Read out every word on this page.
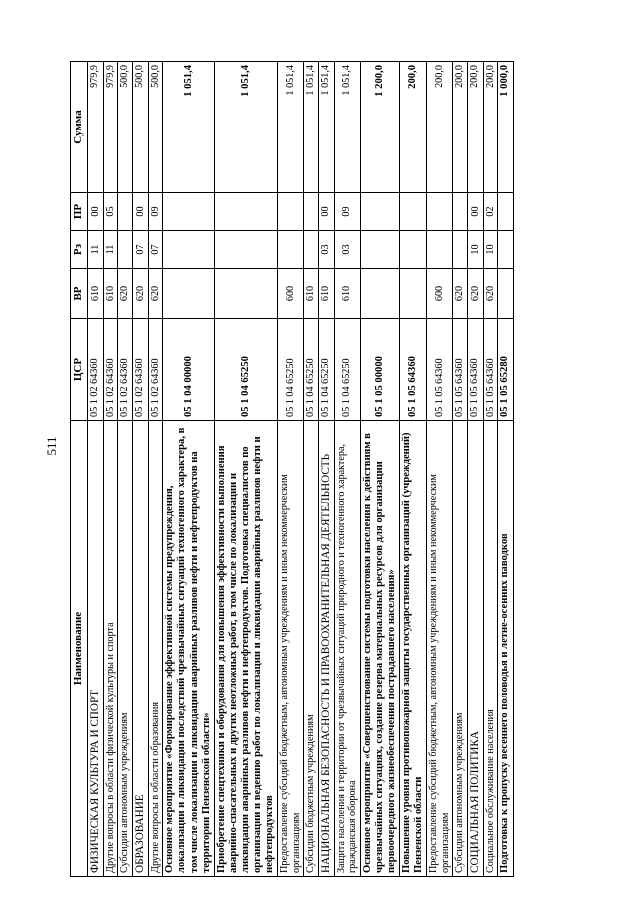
511
Наименование	ЦСР	ВР	Рз	ПР	Сумма
ФИЗИЧЕСКАЯ КУЛЬТУРА И СПОРТ	05 1 02 64360	610	11	00	979,9
Другие вопросы в области физической культуры и спорта	05 1 02 64360	610	11	05	979,9
Субсидии автономным учреждениям	05 1 02 64360	620			500,0
ОБРАЗОВАНИЕ	05 1 02 64360	620	07	00	500,0
Другие вопросы в области образования	05 1 02 64360	620	07	09	500,0
Основное мероприятие «Формирование эффективной системы предупреждения, локализации и ликвидации последствий чрезвычайных ситуаций техногенного характера, в том числе локализации и ликвидации аварийных разливов нефти и нефтепродуктов на территории Пензенской области»	05 1 04 00000				1 051,4
Приобретение спецтехники и оборудования для повышения эффективности выполнения аварийно-спасательных и других неотложных работ, в том числе по локализации и ликвидации аварийных разливов нефти и нефтепродуктов. Подготовка специалистов по организации и ведению работ по локализации и ликвидации аварийных разливов нефти и нефтепродуктов	05 1 04 65250				1 051,4
Предоставление субсидий бюджетным, автономным учреждениям и иным некоммерческим организациям	05 1 04 65250	600			1 051,4
Субсидии бюджетным учреждениям	05 1 04 65250	610			1 051,4
НАЦИОНАЛЬНАЯ БЕЗОПАСНОСТЬ И ПРАВООХРАНИТЕЛЬНАЯ ДЕЯТЕЛЬНОСТЬ	05 1 04 65250	610	03	00	1 051,4
Защита населения и территории от чрезвычайных ситуаций природного и техногенного характера, гражданская оборона	05 1 04 65250	610	03	09	1 051,4
Основное мероприятие «Совершенствование системы подготовки населения к действиям в чрезвычайных ситуациях, создание резерва материальных ресурсов для организации первоочередного жизнеобеспечения пострадавшего населения»	05 1 05 00000				1 200,0
Повышение уровня противопожарной защиты государственных организаций (учреждений) Пензенской области	05 1 05 64360				200,0
Предоставление субсидий бюджетным, автономным учреждениям и иным некоммерческим организациям	05 1 05 64360	600			200,0
Субсидии автономным учреждениям	05 1 05 64360	620			200,0
СОЦИАЛЬНАЯ ПОЛИТИКА	05 1 05 64360	620	10	00	200,0
Социальное обслуживание населения	05 1 05 64360	620	10	02	200,0
Подготовка к пропуску весеннего половодья и летне-осенних паводков	05 1 05 65280				1 000,0
